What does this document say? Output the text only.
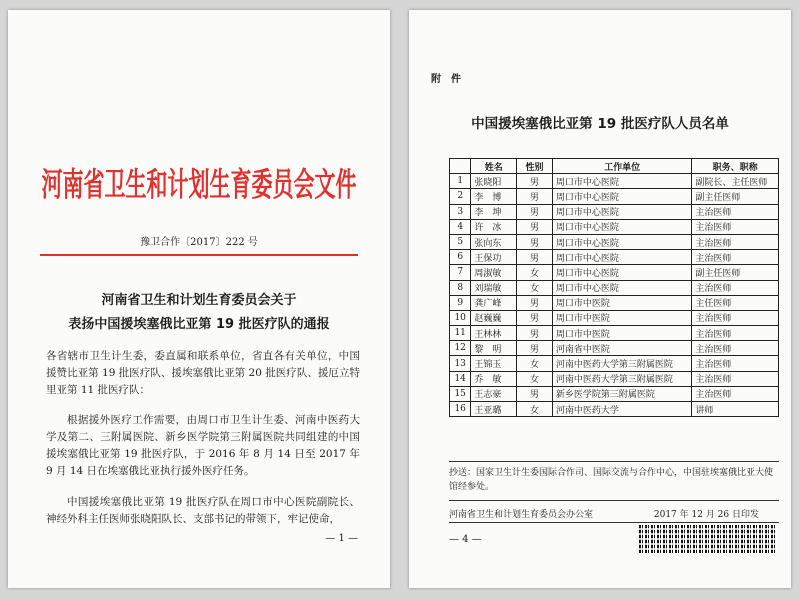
河南省卫生和计划生育委员会文件
豫卫合作〔2017〕222 号
河南省卫生和计划生育委员会关于
表扬中国援埃塞俄比亚第 19 批医疗队的通报
各省辖市卫生计生委，委直属和联系单位，省直各有关单位，中国援赞比亚第 19 批医疗队、援埃塞俄比亚第 20 批医疗队、援厄立特里亚第 11 批医疗队：
根据援外医疗工作需要，由周口市卫生计生委、河南中医药大学及第二、三附属医院、新乡医学院第三附属医院共同组建的中国援埃塞俄比亚第 19 批医疗队，于 2016 年 8 月 14 日至 2017 年 9 月 14 日在埃塞俄比亚执行援外医疗任务。
中国援埃塞俄比亚第 19 批医疗队在周口市中心医院副院长、神经外科主任医师张晓阳队长、支部书记的带领下，牢记使命，
— 1 —
附　件
中国援埃塞俄比亚第 19 批医疗队人员名单
	姓名	性别	工作单位	职务、职称
1	张晓阳	男	周口市中心医院	副院长、主任医师
2	李　博	男	周口市中心医院	副主任医师
3	李　坤	男	周口市中心医院	主治医师
4	许　冰	男	周口市中心医院	主治医师
5	张向东	男	周口市中心医院	主治医师
6	王保功	男	周口市中心医院	主治医师
7	周淑敏	女	周口市中心医院	副主任医师
8	刘瑞敏	女	周口市中心医院	主治医师
9	龚广峰	男	周口市中医院	主任医师
10	赵巍巍	男	周口市中医院	主治医师
11	王林林	男	周口市中医院	主治医师
12	黎　明	男	河南省中医院	主治医师
13	王锦玉	女	河南中医药大学第三附属医院	主治医师
14	乔　敏	女	河南中医药大学第三附属医院	主治医师
15	王志豪	男	新乡医学院第三附属医院	主治医师
16	王亚璐	女	河南中医药大学	讲师
抄送：国家卫生计生委国际合作司、国际交流与合作中心，中国驻埃塞俄比亚大使馆经参处。
河南省卫生和计划生育委员会办公室	2017 年 12 月 26 日印发
— 4 —
